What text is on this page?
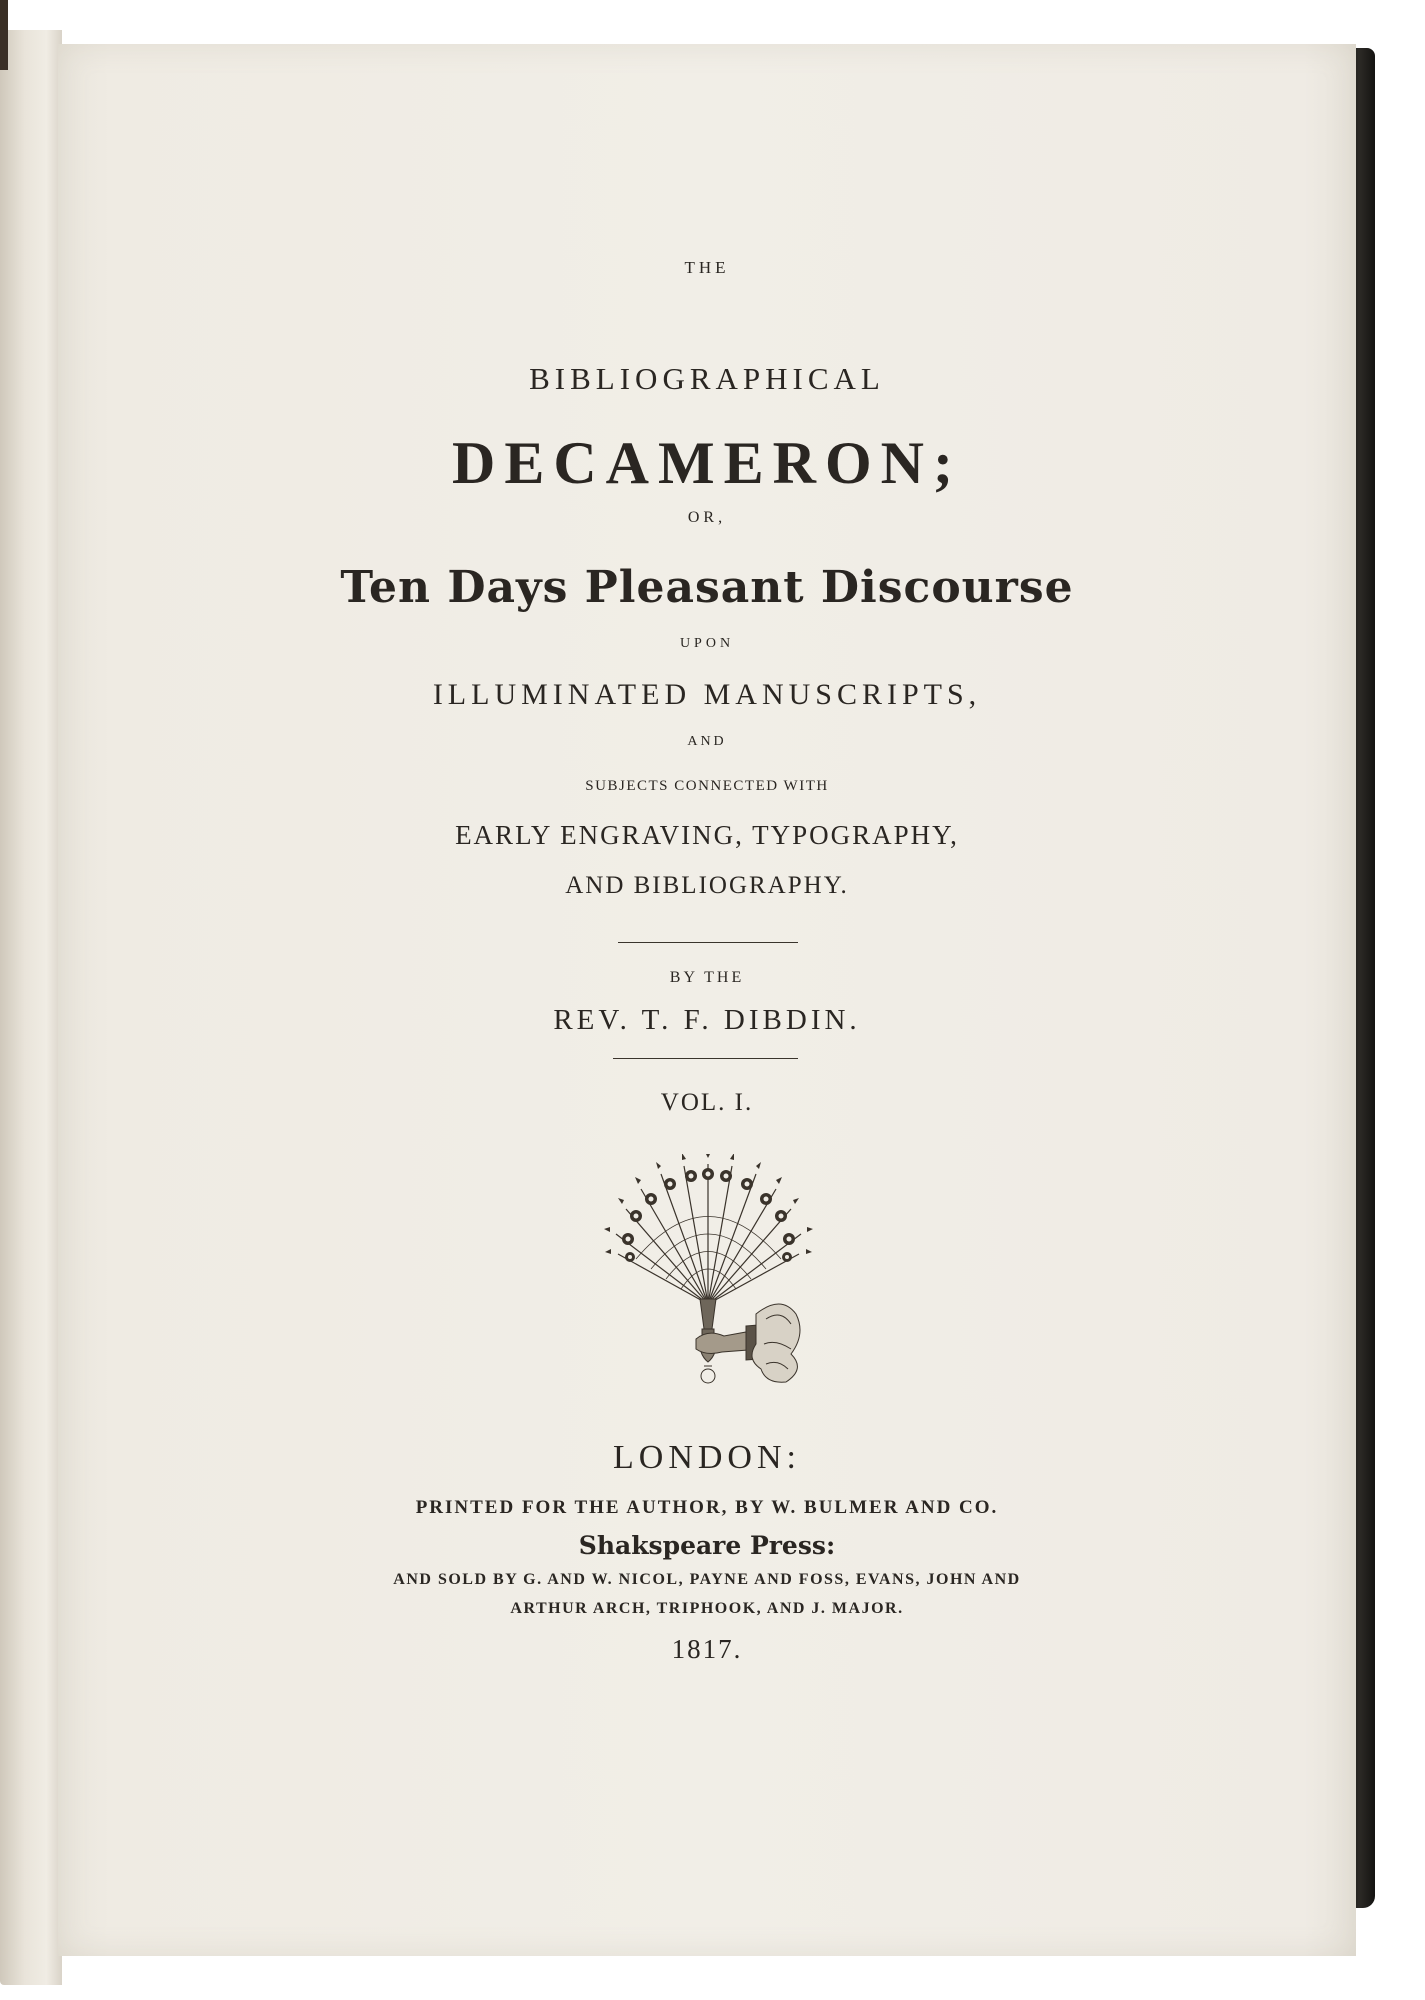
THE
BIBLIOGRAPHICAL
DECAMERON;
OR,
Ten Days Pleasant Discourse
UPON
ILLUMINATED MANUSCRIPTS,
AND
SUBJECTS CONNECTED WITH
EARLY ENGRAVING, TYPOGRAPHY,
AND BIBLIOGRAPHY.
BY THE
REV. T. F. DIBDIN.
VOL. I.
LONDON:
PRINTED FOR THE AUTHOR, BY W. BULMER AND CO.
Shakspeare Press:
AND SOLD BY G. AND W. NICOL, PAYNE AND FOSS, EVANS, JOHN AND
ARTHUR ARCH, TRIPHOOK, AND J. MAJOR.
1817.
